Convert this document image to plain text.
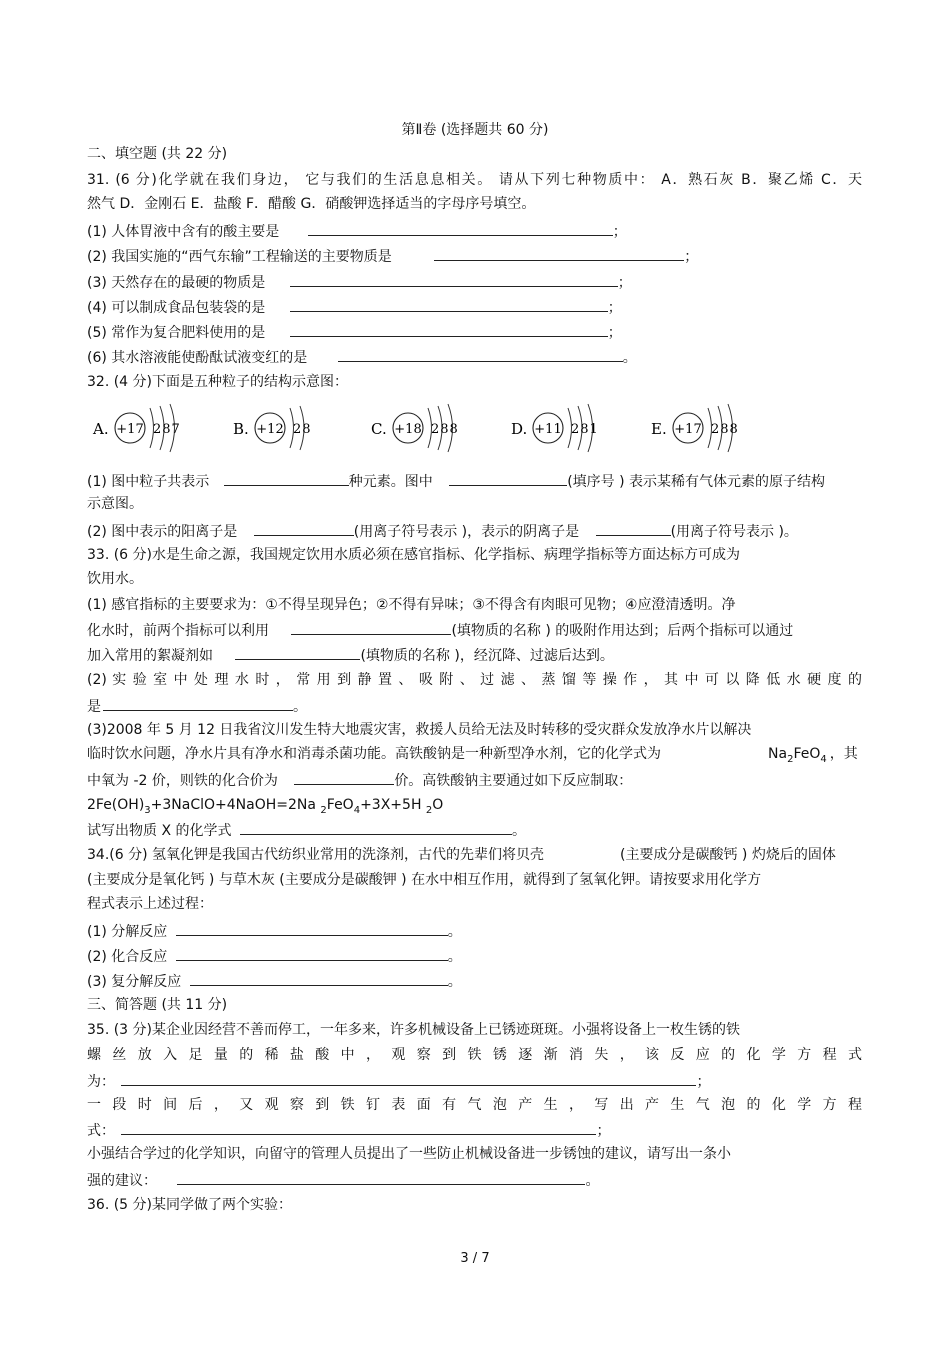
第Ⅱ卷 (选择题共 60 分)
二、填空题 (共 22 分)
31. (6 分)化学就在我们身边， 它与我们的生活息息相关。 请从下列七种物质中： A．熟石灰 B．聚乙烯 C．天
然气 D．金刚石 E．盐酸 F．醋酸 G．硝酸钾选择适当的字母序号填空。
(1) 人体胃液中含有的酸主要是	；
(2) 我国实施的“西气东输”工程输送的主要物质是	；
(3) 天然存在的最硬的物质是	；
(4) 可以制成食品包装袋的是	；
(5) 常作为复合肥料使用的是	；
(6) 其水溶液能使酚酞试液变红的是	。
32. (4 分)下面是五种粒子的结构示意图：
A. +17 287	B. +12 28	C. +18 288	D. +11 281	E. +17 288
(1) 图中粒子共表示	种元素。图中	(填序号 ) 表示某稀有气体元素的原子结构
示意图。
(2) 图中表示的阳离子是	(用离子符号表示 )，表示的阴离子是	(用离子符号表示 )。
33. (6 分)水是生命之源，我国规定饮用水质必须在感官指标、化学指标、病理学指标等方面达标方可成为
饮用水。
(1) 感官指标的主要要求为：①不得呈现异色；②不得有异味；③不得含有肉眼可见物；④应澄清透明。净
化水时，前两个指标可以利用	(填物质的名称 ) 的吸附作用达到；后两个指标可以通过
加入常用的絮凝剂如	(填物质的名称 )，经沉降、过滤后达到。
(2) 实 验 室 中 处 理 水 时 ， 常 用 到 静 置 、 吸 附 、 过 滤 、 蒸 馏 等 操 作 ， 其 中 可 以 降 低 水 硬 度 的
是	。
(3)2008 年 5 月 12 日我省汶川发生特大地震灾害，救援人员给无法及时转移的受灾群众发放净水片以解决
临时饮水问题，净水片具有净水和消毒杀菌功能。高铁酸钠是一种新型净水剂，它的化学式为	$Na_2FeO_4$ ，其
中氧为 -2 价，则铁的化合价为	价。高铁酸钠主要通过如下反应制取：
$2Fe(OH)_3+3NaClO+4NaOH=2Na$ $_2$FeO$_4$+3X+5H $_2$O
试写出物质 X 的化学式	。
34.(6 分) 氢氧化钾是我国古代纺织业常用的洗涤剂，古代的先辈们将贝壳	(主要成分是碳酸钙 ) 灼烧后的固体
(主要成分是氧化钙 ) 与草木灰 (主要成分是碳酸钾 ) 在水中相互作用，就得到了氢氧化钾。请按要求用化学方
程式表示上述过程：
(1) 分解反应	。
(2) 化合反应	。
(3) 复分解反应	。
三、简答题 (共 11 分)
35. (3 分)某企业因经营不善而停工，一年多来，许多机械设备上已锈迹斑斑。小强将设备上一枚生锈的铁
螺 丝 放 入 足 量 的 稀 盐 酸 中 ， 观 察 到 铁 锈 逐 渐 消 失 ， 该 反 应 的 化 学 方 程 式
为：	；
一 段 时 间 后 ， 又 观 察 到 铁 钉 表 面 有 气 泡 产 生 ， 写 出 产 生 气 泡 的 化 学 方 程
式：	；
小强结合学过的化学知识，向留守的管理人员提出了一些防止机械设备进一步锈蚀的建议，请写出一条小
强的建议：	。
36. (5 分)某同学做了两个实验：
3 / 7
